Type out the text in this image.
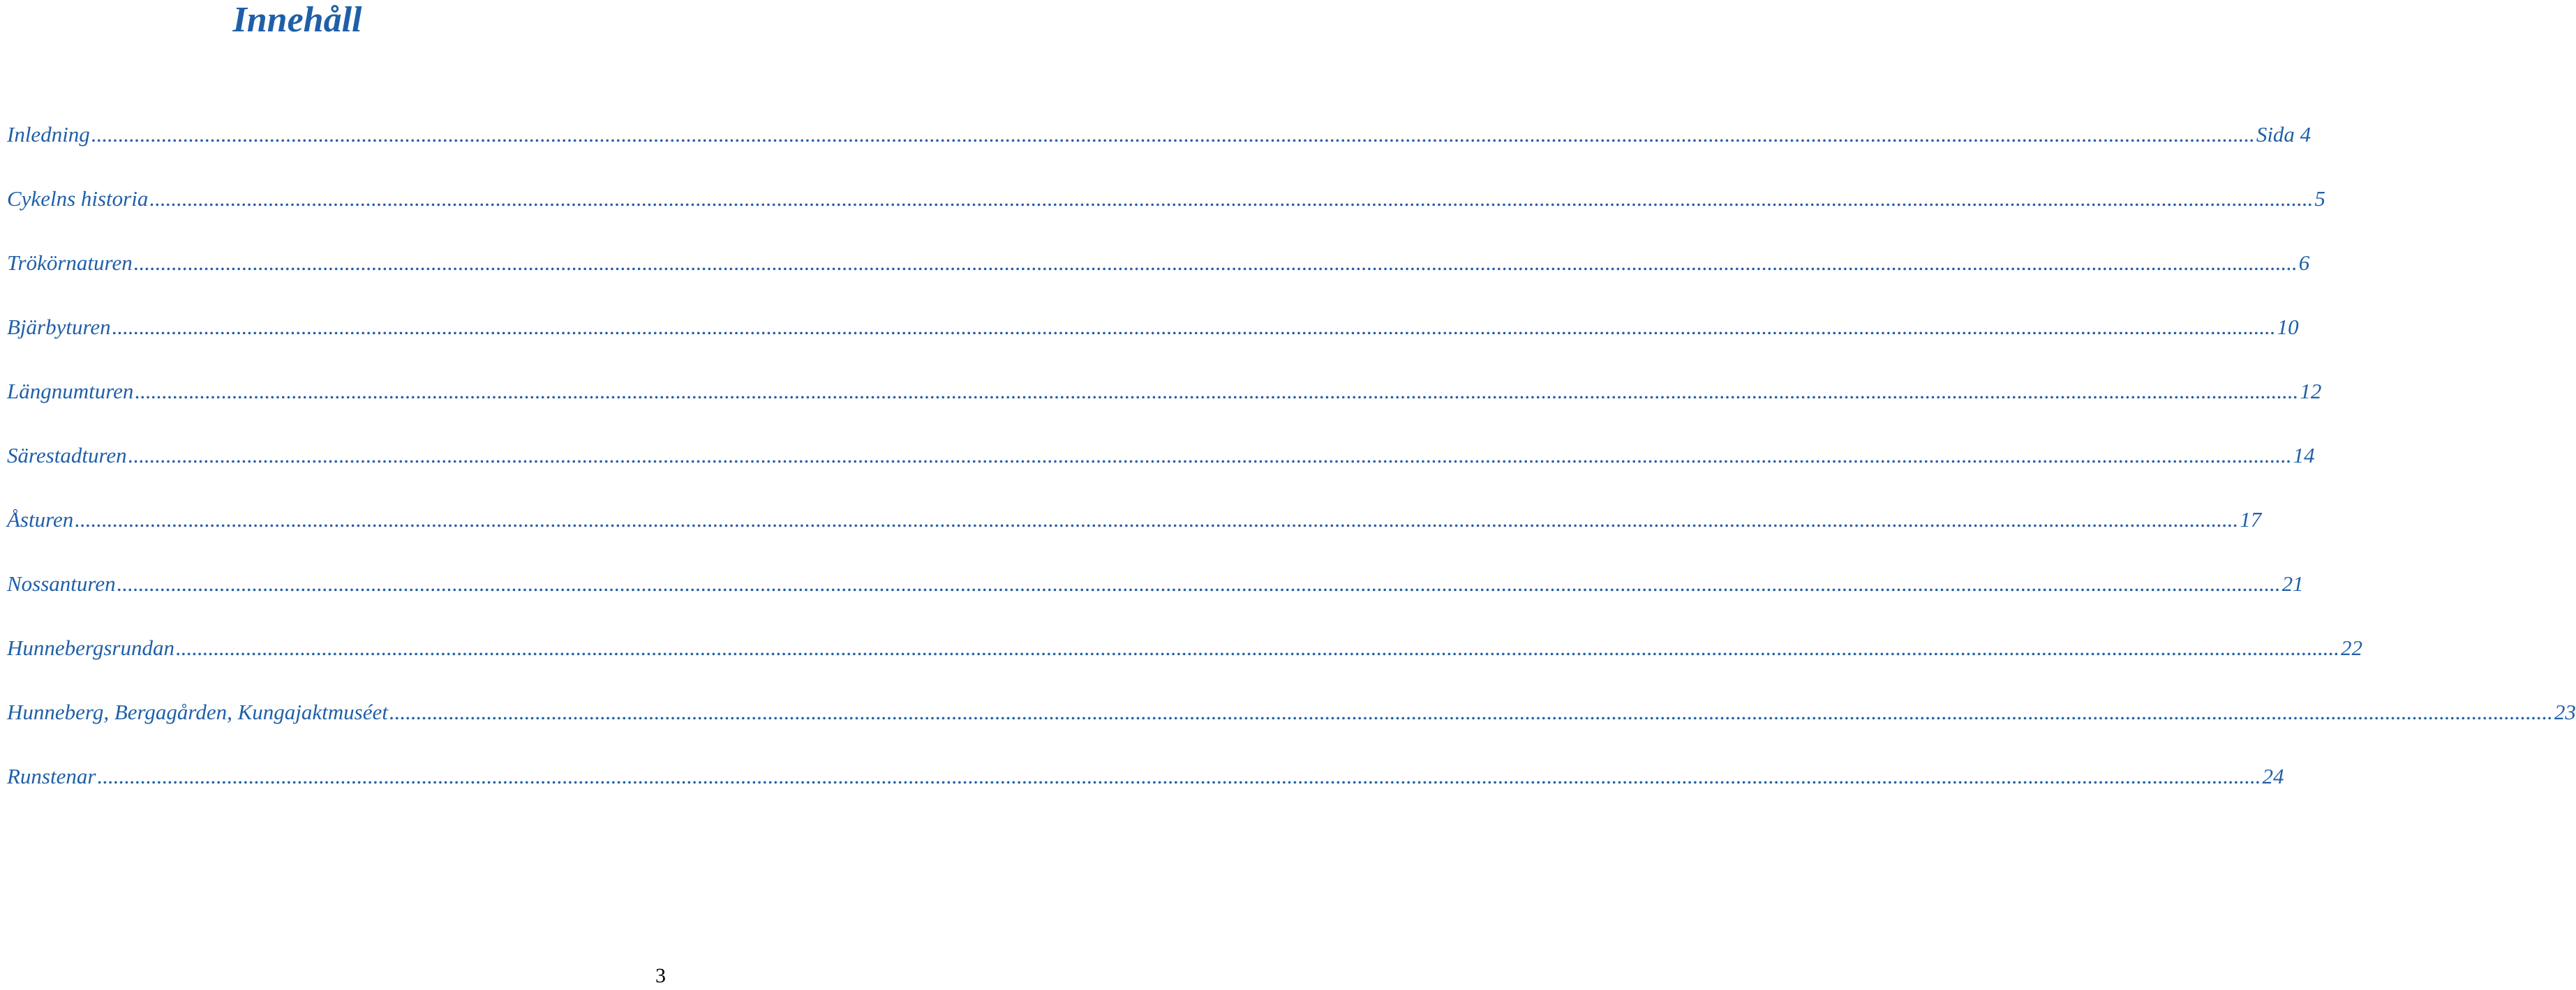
Innehåll
Inledning ................................................................................................................................................................................................................................................................................................................................................................................................................ Sida 4
Cykelns historia ................................................................................................................................................................................................................................................................................................................................................................................................................ 5
Trökörnaturen ................................................................................................................................................................................................................................................................................................................................................................................................................ 6
Bjärbyturen ................................................................................................................................................................................................................................................................................................................................................................................................................ 10
Längnumturen ................................................................................................................................................................................................................................................................................................................................................................................................................ 12
Särestadturen ................................................................................................................................................................................................................................................................................................................................................................................................................ 14
Åsturen ................................................................................................................................................................................................................................................................................................................................................................................................................ 17
Nossanturen ................................................................................................................................................................................................................................................................................................................................................................................................................ 21
Hunnebergsrundan ................................................................................................................................................................................................................................................................................................................................................................................................................ 22
Hunneberg, Bergagården, Kungajaktmuséet ................................................................................................................................................................................................................................................................................................................................................................................................................ 23
Runstenar ................................................................................................................................................................................................................................................................................................................................................................................................................ 24
3
